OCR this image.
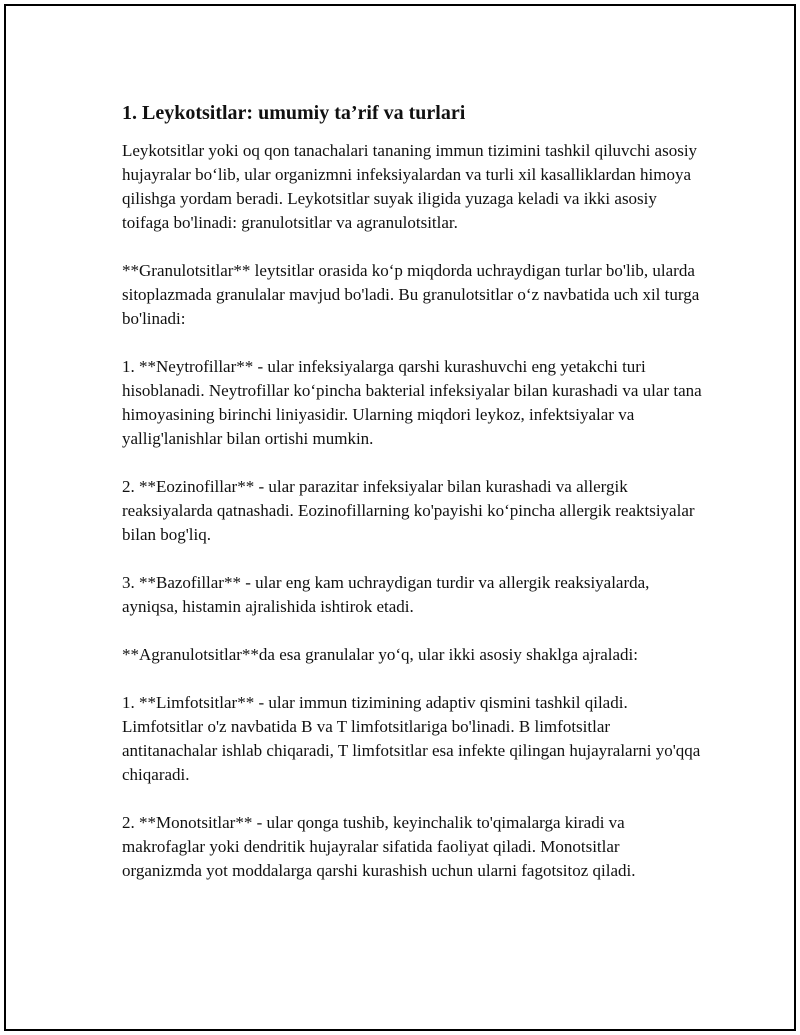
1. Leykotsitlar: umumiy ta’rif va turlari

Leykotsitlar yoki oq qon tanachalari tananing immun tizimini tashkil qiluvchi asosiy hujayralar bo‘lib, ular organizmni infeksiyalardan va turli xil kasalliklardan himoya qilishga yordam beradi. Leykotsitlar suyak iligida yuzaga keladi va ikki asosiy toifaga bo'linadi: granulotsitlar va agranulotsitlar.

**Granulotsitlar** leytsitlar orasida ko‘p miqdorda uchraydigan turlar bo'lib, ularda sitoplazmada granulalar mavjud bo'ladi. Bu granulotsitlar o‘z navbatida uch xil turga bo'linadi:

1. **Neytrofillar** - ular infeksiyalarga qarshi kurashuvchi eng yetakchi turi hisoblanadi. Neytrofillar ko‘pincha bakterial infeksiyalar bilan kurashadi va ular tana himoyasining birinchi liniyasidir. Ularning miqdori leykoz, infektsiyalar va yallig'lanishlar bilan ortishi mumkin.

2. **Eozinofillar** - ular parazitar infeksiyalar bilan kurashadi va allergik reaksiyalarda qatnashadi. Eozinofillarning ko'payishi ko‘pincha allergik reaktsiyalar bilan bog'liq.

3. **Bazofillar** - ular eng kam uchraydigan turdir va allergik reaksiyalarda, ayniqsa, histamin ajralishida ishtirok etadi.

**Agranulotsitlar**da esa granulalar yo‘q, ular ikki asosiy shaklga ajraladi:

1. **Limfotsitlar** - ular immun tizimining adaptiv qismini tashkil qiladi. Limfotsitlar o'z navbatida B va T limfotsitlariga bo'linadi. B limfotsitlar antitanachalar ishlab chiqaradi, T limfotsitlar esa infekte qilingan hujayralarni yo'qqa chiqaradi.

2. **Monotsitlar** - ular qonga tushib, keyinchalik to'qimalarga kiradi va makrofaglar yoki dendritik hujayralar sifatida faoliyat qiladi. Monotsitlar organizmda yot moddalarga qarshi kurashish uchun ularni fagotsitoz qiladi.
